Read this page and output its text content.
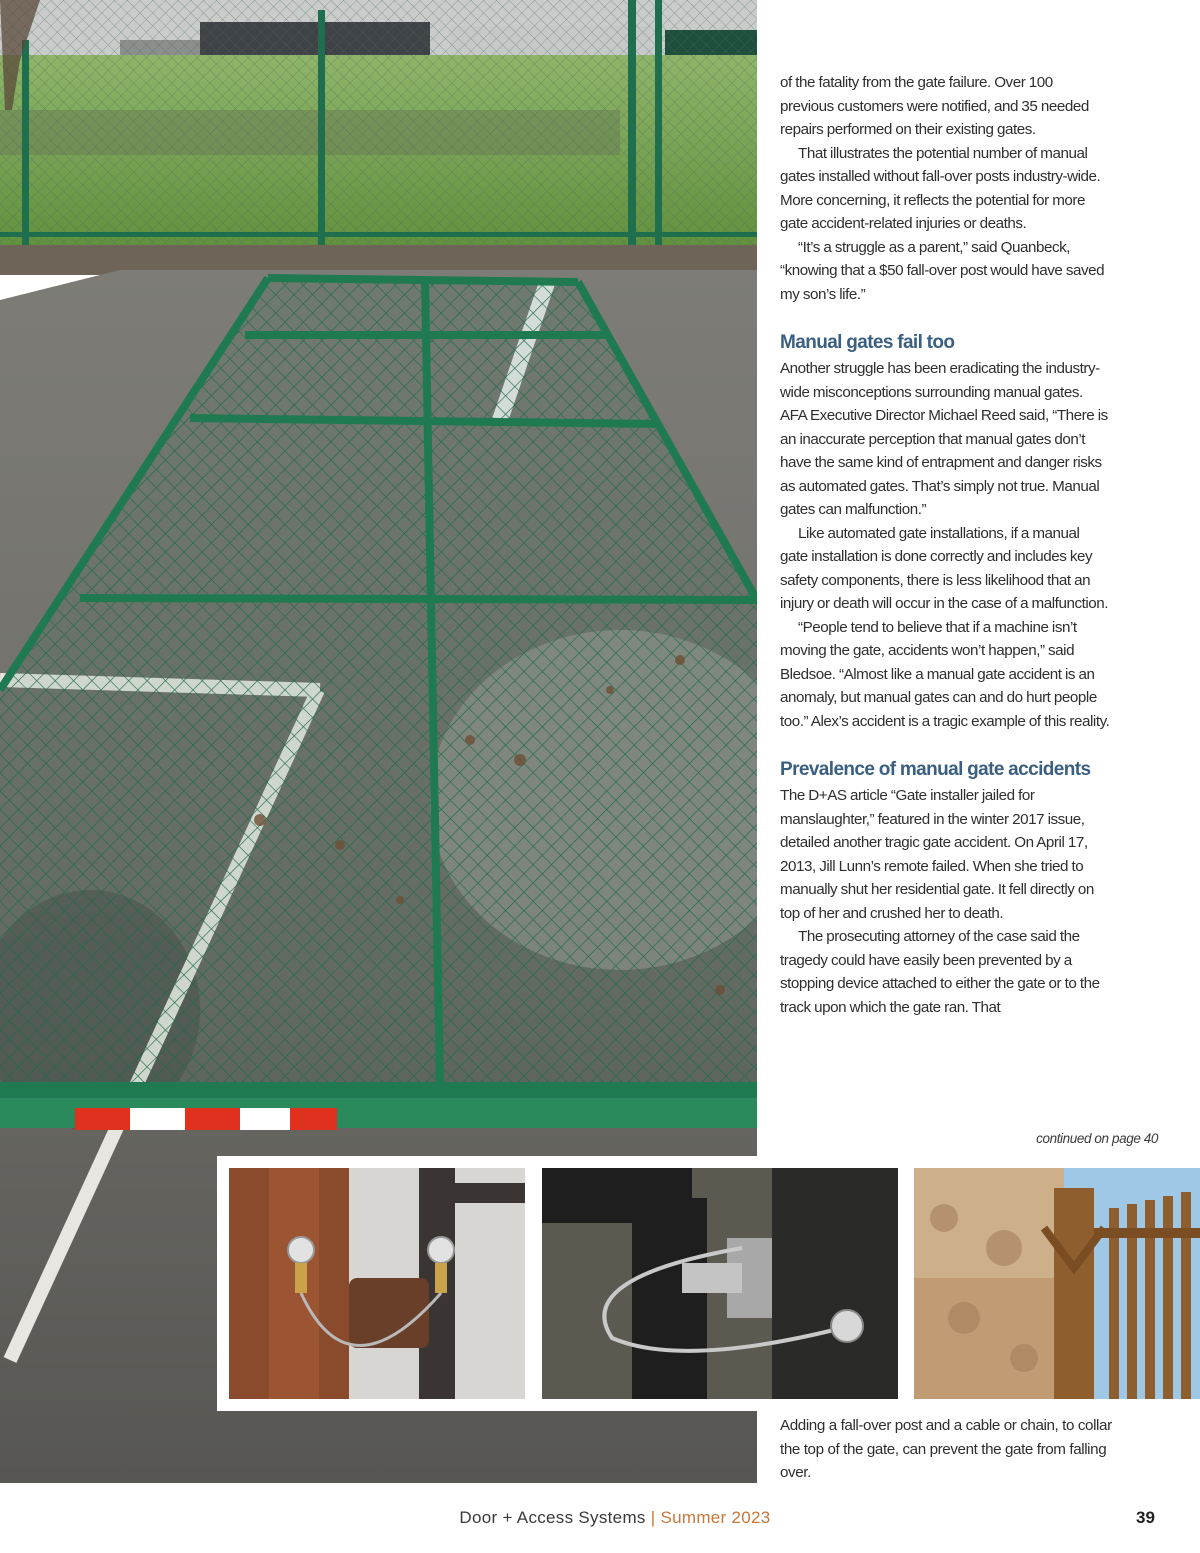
of the fatality from the gate failure. Over 100 previous customers were notified, and 35 needed repairs performed on their existing gates.

That illustrates the potential number of manual gates installed without fall-over posts industry-wide. More concerning, it reflects the potential for more gate accident-related injuries or deaths.

“It’s a struggle as a parent,” said Quanbeck, “knowing that a $50 fall-over post would have saved my son’s life.”

Manual gates fail too

Another struggle has been eradicating the industry-wide misconceptions surrounding manual gates. AFA Executive Director Michael Reed said, “There is an inaccurate perception that manual gates don’t have the same kind of entrapment and danger risks as automated gates. That’s simply not true. Manual gates can malfunction.”

Like automated gate installations, if a manual gate installation is done correctly and includes key safety components, there is less likelihood that an injury or death will occur in the case of a malfunction.

“People tend to believe that if a machine isn’t moving the gate, accidents won’t happen,” said Bledsoe. “Almost like a manual gate accident is an anomaly, but manual gates can and do hurt people too.” Alex’s accident is a tragic example of this reality.

Prevalence of manual gate accidents

The D+AS article “Gate installer jailed for manslaughter,” featured in the winter 2017 issue, detailed another tragic gate accident. On April 17, 2013, Jill Lunn’s remote failed. When she tried to manually shut her residential gate. It fell directly on top of her and crushed her to death.

The prosecuting attorney of the case said the tragedy could have easily been prevented by a stopping device attached to either the gate or to the track upon which the gate ran. That

continued on page 40
Adding a fall-over post and a cable or chain, to collar the top of the gate, can prevent the gate from falling over.
Door + Access Systems | Summer 2023	39
